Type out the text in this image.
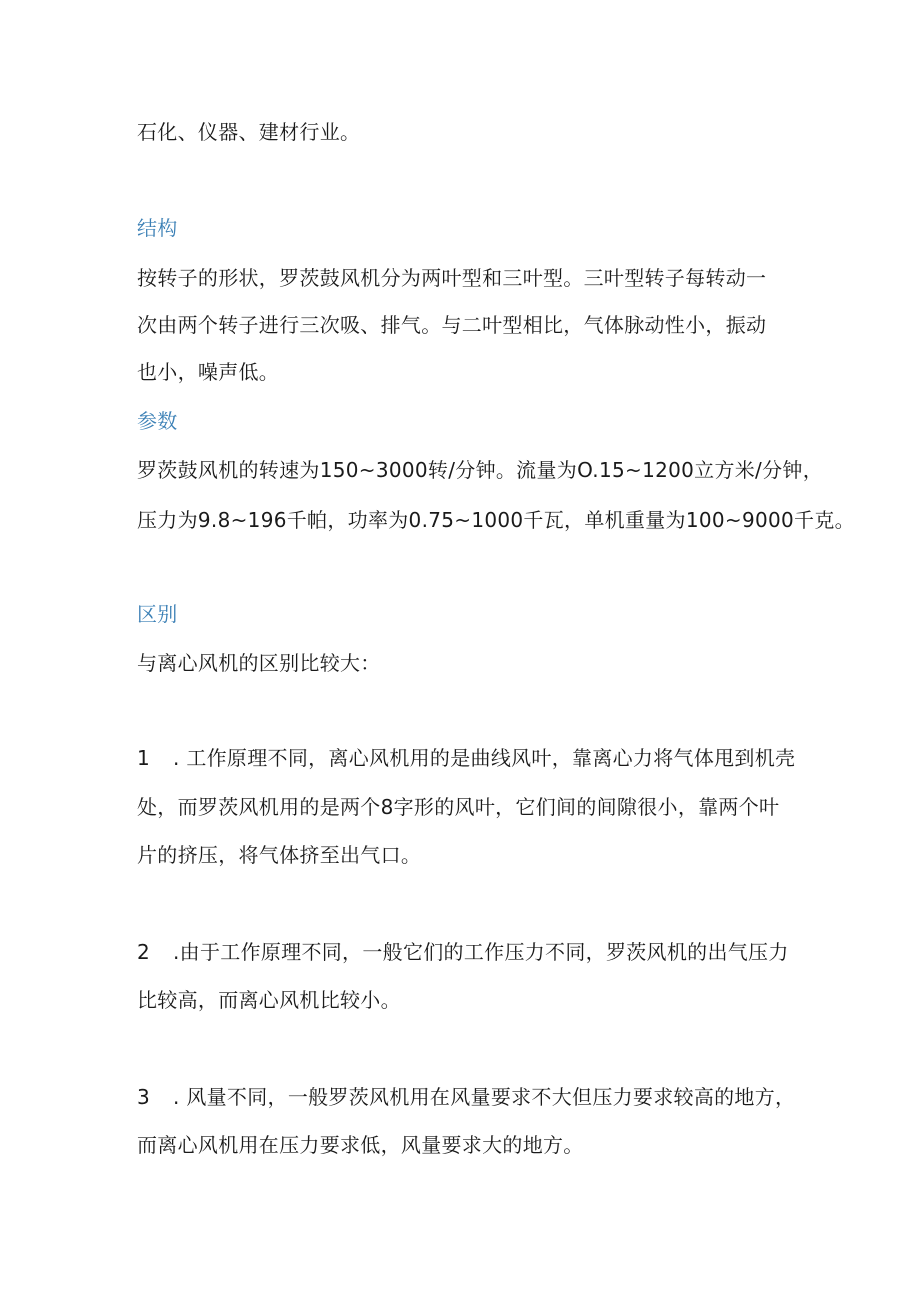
石化、仪器、建材行业。
结构
按转子的形状，罗茨鼓风机分为两叶型和三叶型。三叶型转子每转动一
次由两个转子进行三次吸、排气。与二叶型相比，气体脉动性小，振动
也小，噪声低。
参数
罗茨鼓风机的转速为150~3000转/分钟。流量为O.15~1200立方米/分钟，
压力为9.8~196千帕，功率为0.75~1000千瓦，单机重量为100~9000千克。
区别
与离心风机的区别比较大：
1 . 工作原理不同，离心风机用的是曲线风叶，靠离心力将气体甩到机壳
处，而罗茨风机用的是两个8字形的风叶，它们间的间隙很小，靠两个叶
片的挤压，将气体挤至出气口。
2 .由于工作原理不同，一般它们的工作压力不同，罗茨风机的出气压力
比较高，而离心风机比较小。
3 . 风量不同，一般罗茨风机用在风量要求不大但压力要求较高的地方，
而离心风机用在压力要求低，风量要求大的地方。
